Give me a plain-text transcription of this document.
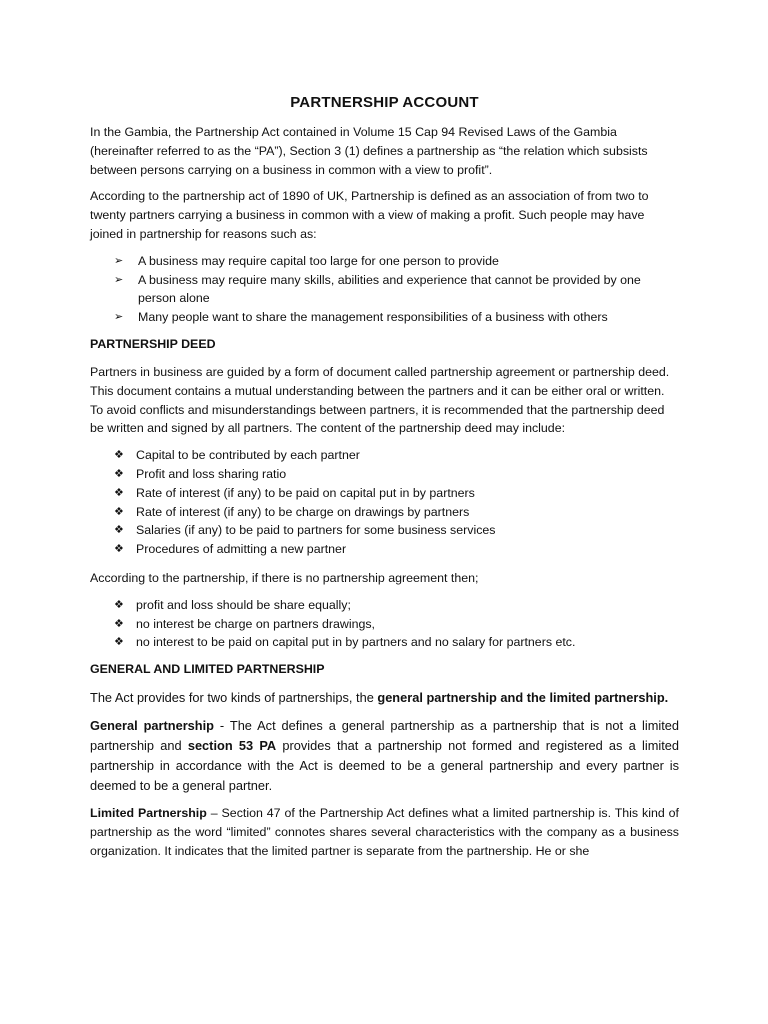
PARTNERSHIP ACCOUNT

In the Gambia, the Partnership Act contained in Volume 15 Cap 94 Revised Laws of the Gambia (hereinafter referred to as the “PA”), Section 3 (1) defines a partnership as “the relation which subsists between persons carrying on a business in common with a view to profit”.

According to the partnership act of 1890 of UK, Partnership is defined as an association of from two to twenty partners carrying a business in common with a view of making a profit. Such people may have joined in partnership for reasons such as:

➢ A business may require capital too large for one person to provide
➢ A business may require many skills, abilities and experience that cannot be provided by one person alone
➢ Many people want to share the management responsibilities of a business with others
PARTNERSHIP DEED

Partners in business are guided by a form of document called partnership agreement or partnership deed. This document contains a mutual understanding between the partners and it can be either oral or written. To avoid conflicts and misunderstandings between partners, it is recommended that the partnership deed be written and signed by all partners. The content of the partnership deed may include:

❖ Capital to be contributed by each partner
❖ Profit and loss sharing ratio
❖ Rate of interest (if any) to be paid on capital put in by partners
❖ Rate of interest (if any) to be charge on drawings by partners
❖ Salaries (if any) to be paid to partners for some business services
❖ Procedures of admitting a new partner

According to the partnership, if there is no partnership agreement then;

❖ profit and loss should be share equally;
❖ no interest be charge on partners drawings,
❖ no interest to be paid on capital put in by partners and no salary for partners etc.
GENERAL AND LIMITED PARTNERSHIP

The Act provides for two kinds of partnerships, the general partnership and the limited partnership.

General partnership - The Act defines a general partnership as a partnership that is not a limited partnership and section 53 PA provides that a partnership not formed and registered as a limited partnership in accordance with the Act is deemed to be a general partnership and every partner is deemed to be a general partner.

Limited Partnership – Section 47 of the Partnership Act defines what a limited partnership is. This kind of partnership as the word “limited” connotes shares several characteristics with the company as a business organization. It indicates that the limited partner is separate from the partnership. He or she
